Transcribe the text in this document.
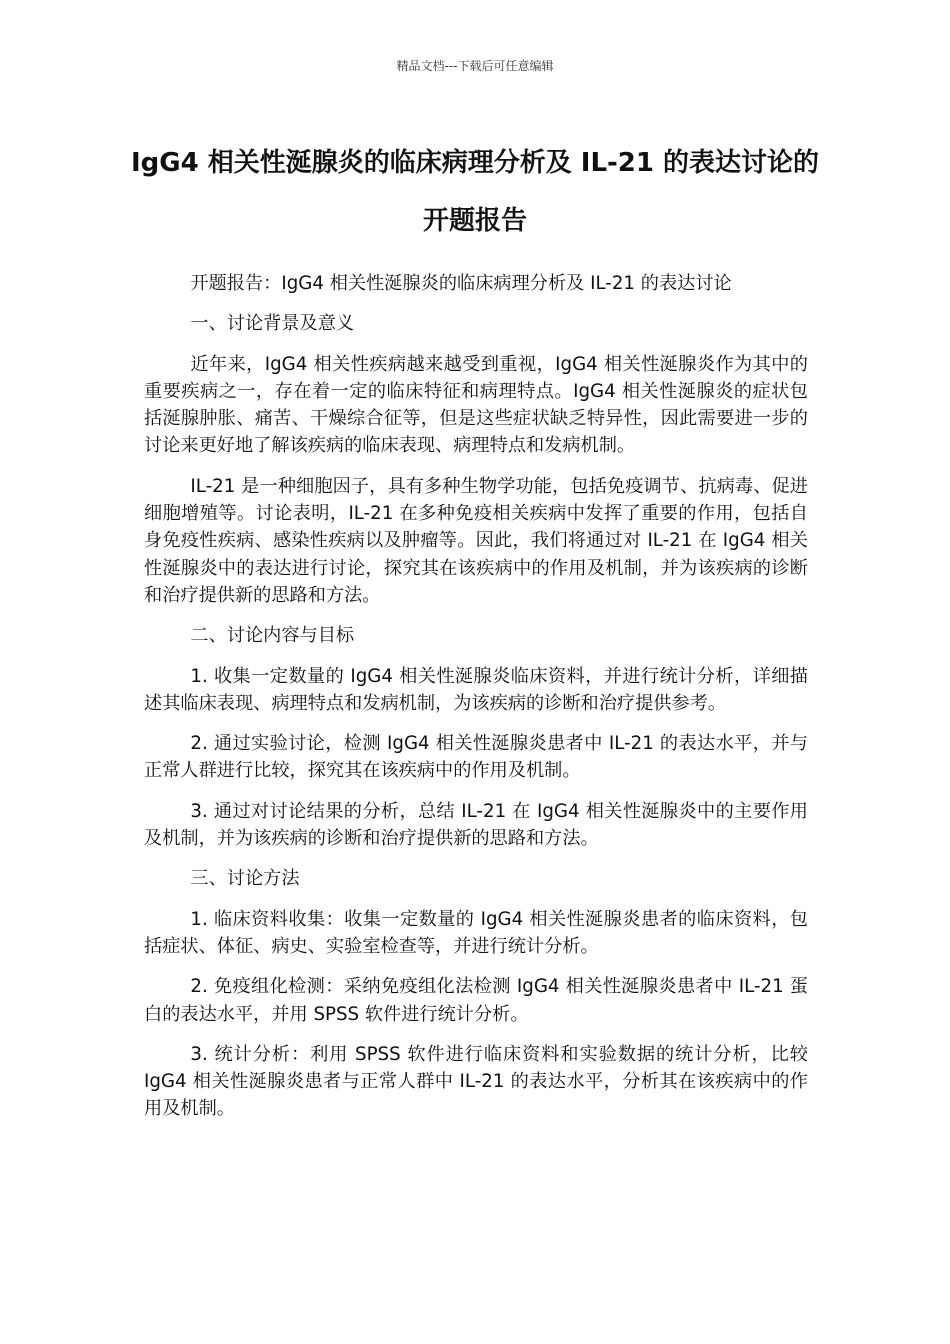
精品文档---下载后可任意编辑
IgG4 相关性涎腺炎的临床病理分析及 IL-21 的表达讨论的开题报告

开题报告：IgG4 相关性涎腺炎的临床病理分析及 IL-21 的表达讨论

一、讨论背景及意义

近年来，IgG4 相关性疾病越来越受到重视，IgG4 相关性涎腺炎作为其中的重要疾病之一，存在着一定的临床特征和病理特点。IgG4 相关性涎腺炎的症状包括涎腺肿胀、痛苦、干燥综合征等，但是这些症状缺乏特异性，因此需要进一步的讨论来更好地了解该疾病的临床表现、病理特点和发病机制。

IL-21 是一种细胞因子，具有多种生物学功能，包括免疫调节、抗病毒、促进细胞增殖等。讨论表明，IL-21 在多种免疫相关疾病中发挥了重要的作用，包括自身免疫性疾病、感染性疾病以及肿瘤等。因此，我们将通过对 IL-21 在 IgG4 相关性涎腺炎中的表达进行讨论，探究其在该疾病中的作用及机制，并为该疾病的诊断和治疗提供新的思路和方法。

二、讨论内容与目标

1. 收集一定数量的 IgG4 相关性涎腺炎临床资料，并进行统计分析，详细描述其临床表现、病理特点和发病机制，为该疾病的诊断和治疗提供参考。

2. 通过实验讨论，检测 IgG4 相关性涎腺炎患者中 IL-21 的表达水平，并与正常人群进行比较，探究其在该疾病中的作用及机制。

3. 通过对讨论结果的分析，总结 IL-21 在 IgG4 相关性涎腺炎中的主要作用及机制，并为该疾病的诊断和治疗提供新的思路和方法。

三、讨论方法

1. 临床资料收集：收集一定数量的 IgG4 相关性涎腺炎患者的临床资料，包括症状、体征、病史、实验室检查等，并进行统计分析。

2. 免疫组化检测：采纳免疫组化法检测 IgG4 相关性涎腺炎患者中 IL-21 蛋白的表达水平，并用 SPSS 软件进行统计分析。

3. 统计分析：利用 SPSS 软件进行临床资料和实验数据的统计分析，比较 IgG4 相关性涎腺炎患者与正常人群中 IL-21 的表达水平，分析其在该疾病中的作用及机制。
